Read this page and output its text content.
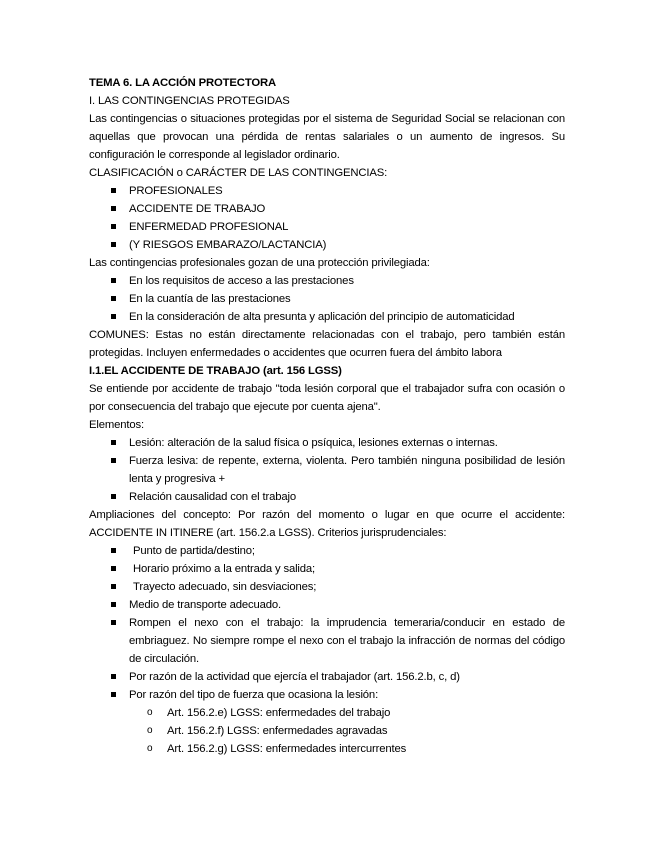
TEMA 6. LA ACCIÓN PROTECTORA

I. LAS CONTINGENCIAS PROTEGIDAS

Las contingencias o situaciones protegidas por el sistema de Seguridad Social se relacionan con aquellas que provocan una pérdida de rentas salariales o un aumento de ingresos. Su configuración le corresponde al legislador ordinario.

CLASIFICACIÓN o CARÁCTER DE LAS CONTINGENCIAS:

PROFESIONALES
ACCIDENTE DE TRABAJO
ENFERMEDAD PROFESIONAL
(Y RIESGOS EMBARAZO/LACTANCIA)

Las contingencias profesionales gozan de una protección privilegiada:

En los requisitos de acceso a las prestaciones
En la cuantía de las prestaciones
En la consideración de alta presunta y aplicación del principio de automaticidad

COMUNES: Estas no están directamente relacionadas con el trabajo, pero también están protegidas. Incluyen enfermedades o accidentes que ocurren fuera del ámbito labora

I.1.EL ACCIDENTE DE TRABAJO (art. 156 LGSS)

Se entiende por accidente de trabajo "toda lesión corporal que el trabajador sufra con ocasión o por consecuencia del trabajo que ejecute por cuenta ajena".

Elementos:

Lesión: alteración de la salud física o psíquica, lesiones externas o internas.
Fuerza lesiva: de repente, externa, violenta. Pero también ninguna posibilidad de lesión lenta y progresiva +
Relación causalidad con el trabajo

Ampliaciones del concepto: Por razón del momento o lugar en que ocurre el accidente: ACCIDENTE IN ITINERE (art. 156.2.a LGSS). Criterios jurisprudenciales:

Punto de partida/destino;
Horario próximo a la entrada y salida;
Trayecto adecuado, sin desviaciones;
Medio de transporte adecuado.
Rompen el nexo con el trabajo: la imprudencia temeraria/conducir en estado de embriaguez. No siempre rompe el nexo con el trabajo la infracción de normas del código de circulación.
Por razón de la actividad que ejercía el trabajador (art. 156.2.b, c, d)
Por razón del tipo de fuerza que ocasiona la lesión:
o Art. 156.2.e) LGSS: enfermedades del trabajo
o Art. 156.2.f) LGSS: enfermedades agravadas
o Art. 156.2.g) LGSS: enfermedades intercurrentes
